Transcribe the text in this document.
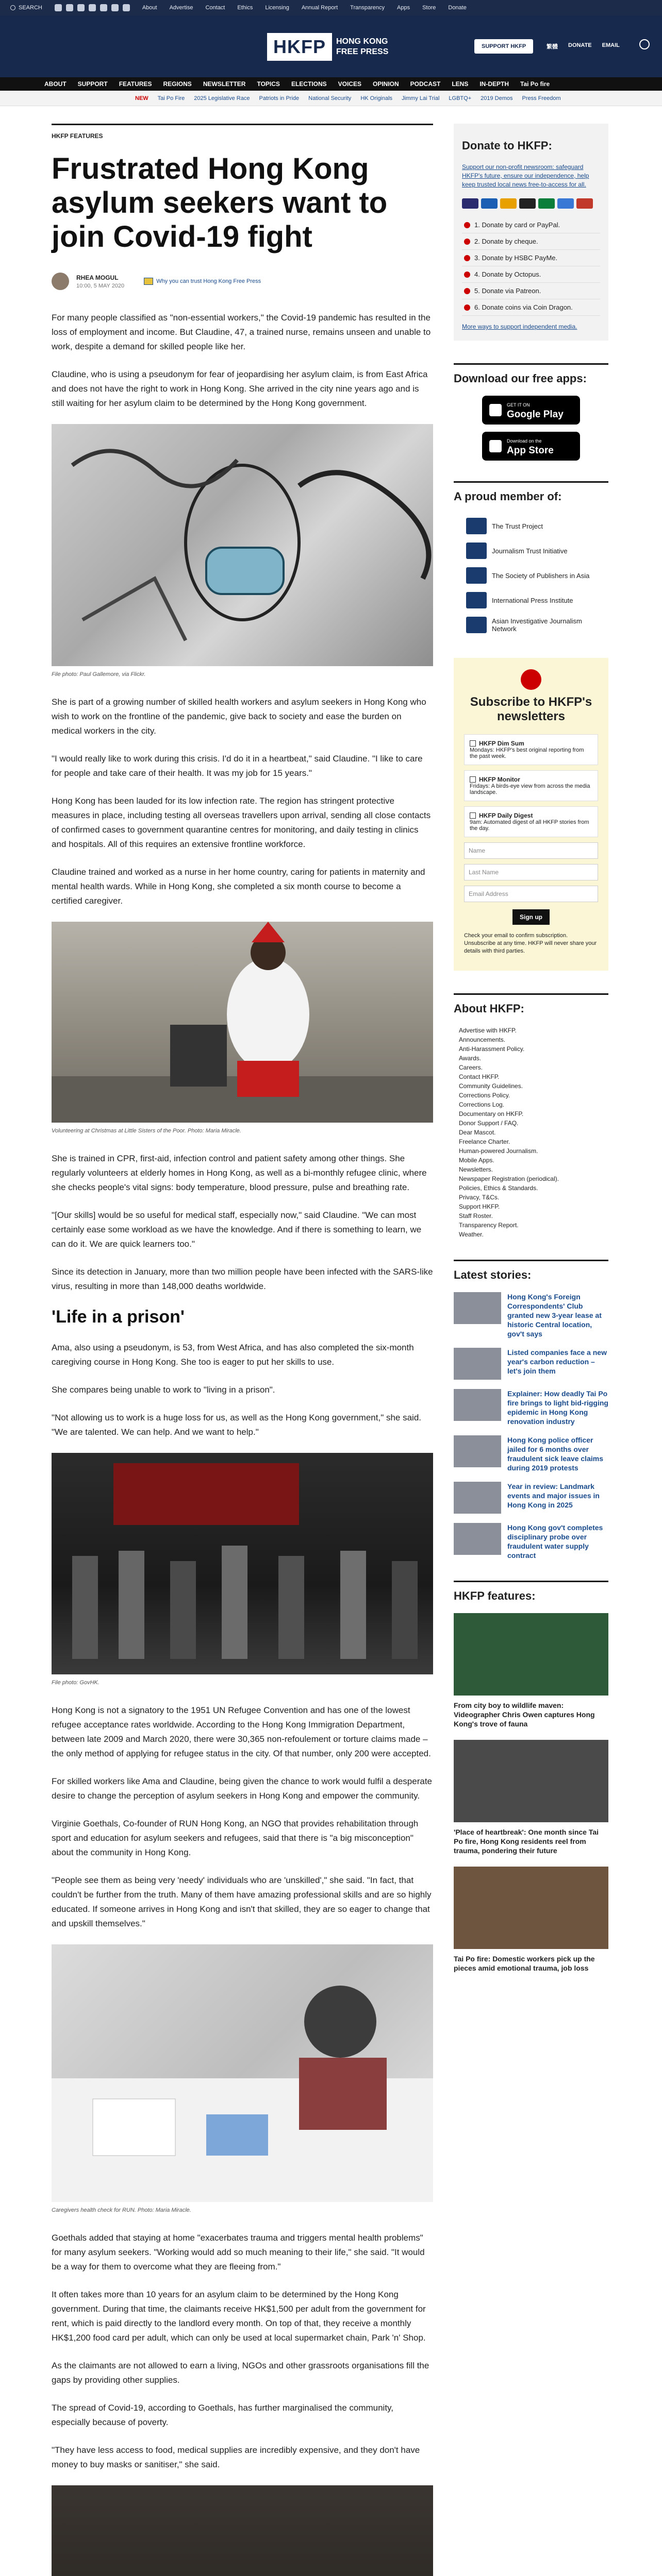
SEARCH	About Advertise Contact Ethics Licensing Annual Report Transparency Apps Store Donate
HKFP	HONG KONG
FREE PRESS
SUPPORT HKFP	繁體 DONATE EMAIL
ABOUT SUPPORT FEATURES REGIONS NEWSLETTER TOPICS ELECTIONS VOICES OPINION PODCAST LENS IN-DEPTH Tai Po fire
NEW Tai Po Fire 2025 Legislative Race Patriots in Pride National Security HK Originals Jimmy Lai Trial LGBTQ+ 2019 Demos Press Freedom
HKFP FEATURES
Frustrated Hong Kong asylum seekers want to join Covid-19 fight
RHEA MOGUL
10:00, 5 MAY 2020
Why you can trust Hong Kong Free Press

For many people classified as "non-essential workers," the Covid-19 pandemic has resulted in the loss of employment and income. But Claudine, 47, a trained nurse, remains unseen and unable to work, despite a demand for skilled people like her.

Claudine, who is using a pseudonym for fear of jeopardising her asylum claim, is from East Africa and does not have the right to work in Hong Kong. She arrived in the city nine years ago and is still waiting for her asylum claim to be determined by the Hong Kong government.

File photo: Paul Gallemore, via Flickr.

She is part of a growing number of skilled health workers and asylum seekers in Hong Kong who wish to work on the frontline of the pandemic, give back to society and ease the burden on medical workers in the city.

"I would really like to work during this crisis. I'd do it in a heartbeat," said Claudine. "I like to care for people and take care of their health. It was my job for 15 years."

Hong Kong has been lauded for its low infection rate. The region has stringent protective measures in place, including testing all overseas travellers upon arrival, sending all close contacts of confirmed cases to government quarantine centres for monitoring, and daily testing in clinics and hospitals. All of this requires an extensive frontline workforce.

Claudine trained and worked as a nurse in her home country, caring for patients in maternity and mental health wards. While in Hong Kong, she completed a six month course to become a certified caregiver.

Volunteering at Christmas at Little Sisters of the Poor. Photo: Maria Miracle.

She is trained in CPR, first-aid, infection control and patient safety among other things. She regularly volunteers at elderly homes in Hong Kong, as well as a bi-monthly refugee clinic, where she checks people's vital signs: body temperature, blood pressure, pulse and breathing rate.

"[Our skills] would be so useful for medical staff, especially now," said Claudine. "We can most certainly ease some workload as we have the knowledge. And if there is something to learn, we can do it. We are quick learners too."

Since its detection in January, more than two million people have been infected with the SARS-like virus, resulting in more than 148,000 deaths worldwide.

'Life in a prison'

Ama, also using a pseudonym, is 53, from West Africa, and has also completed the six-month caregiving course in Hong Kong. She too is eager to put her skills to use.

She compares being unable to work to "living in a prison".

"Not allowing us to work is a huge loss for us, as well as the Hong Kong government," she said. "We are talented. We can help. And we want to help."

File photo: GovHK.

Hong Kong is not a signatory to the 1951 UN Refugee Convention and has one of the lowest refugee acceptance rates worldwide. According to the Hong Kong Immigration Department, between late 2009 and March 2020, there were 30,365 non-refoulement or torture claims made – the only method of applying for refugee status in the city. Of that number, only 200 were accepted.

For skilled workers like Ama and Claudine, being given the chance to work would fulfil a desperate desire to change the perception of asylum seekers in Hong Kong and empower the community.

Virginie Goethals, Co-founder of RUN Hong Kong, an NGO that provides rehabilitation through sport and education for asylum seekers and refugees, said that there is "a big misconception" about the community in Hong Kong.

"People see them as being very 'needy' individuals who are 'unskilled'," she said. "In fact, that couldn't be further from the truth. Many of them have amazing professional skills and are so highly educated. If someone arrives in Hong Kong and isn't that skilled, they are so eager to change that and upskill themselves."

Caregivers health check for RUN. Photo: Maria Miracle.

Goethals added that staying at home "exacerbates trauma and triggers mental health problems" for many asylum seekers. "Working would add so much meaning to their life," she said. "It would be a way for them to overcome what they are fleeing from."

It often takes more than 10 years for an asylum claim to be determined by the Hong Kong government. During that time, the claimants receive HK$1,500 per adult from the government for rent, which is paid directly to the landlord every month. On top of that, they receive a monthly HK$1,200 food card per adult, which can only be used at local supermarket chain, Park 'n' Shop.

As the claimants are not allowed to earn a living, NGOs and other grassroots organisations fill the gaps by providing other supplies.

The spread of Covid-19, according to Goethals, has further marginalised the community, especially because of poverty.

"They have less access to food, medical supplies are incredibly expensive, and they don't have money to buy masks or sanitiser," she said.

Donate to HKFP:
Support our non-profit newsroom: safeguard HKFP's future, ensure our independence, help keep trusted local news free-to-access for all.
1. Donate by card or PayPal.
2. Donate by cheque.
3. Donate by HSBC PayMe.
4. Donate by Octopus.
5. Donate via Patreon.
6. Donate coins via Coin Dragon.
More ways to support independent media.
Download our free apps:
GET IT ON
Google Play
Download on the
App Store
A proud member of:
The Trust Project
Journalism Trust Initiative
The Society of Publishers in Asia
International Press Institute
Asian Investigative Journalism Network
Subscribe to HKFP's newsletters
HKFP Dim Sum
Mondays: HKFP's best original reporting from the past week.
HKFP Monitor
Fridays: A birds-eye view from across the media landscape.
HKFP Daily Digest
9am: Automated digest of all HKFP stories from the day.
Name
Last Name
Email Address
Sign up
Check your email to confirm subscription. Unsubscribe at any time. HKFP will never share your details with third parties.
About HKFP:
Advertise with HKFP.
Announcements.
Anti-Harassment Policy.
Awards.
Careers.
Contact HKFP.
Community Guidelines.
Corrections Policy.
Corrections Log.
Documentary on HKFP.
Donor Support / FAQ.
Dear Mascot.
Freelance Charter.
Human-powered Journalism.
Mobile Apps.
Newsletters.
Newspaper Registration (periodical).
Policies, Ethics & Standards.
Privacy, T&Cs.
Support HKFP.
Staff Roster.
Transparency Report.
Weather.
Latest stories:
Hong Kong's Foreign Correspondents' Club granted new 3-year lease at historic Central location, gov't says
Listed companies face a new year's carbon reduction – let's join them
Explainer: How deadly Tai Po fire brings to light bid-rigging epidemic in Hong Kong renovation industry
Hong Kong police officer jailed for 6 months over fraudulent sick leave claims during 2019 protests
Year in review: Landmark events and major issues in Hong Kong in 2025
Hong Kong gov't completes disciplinary probe over fraudulent water supply contract
HKFP features:
From city boy to wildlife maven: Videographer Chris Owen captures Hong Kong's trove of fauna
'Place of heartbreak': One month since Tai Po fire, Hong Kong residents reel from trauma, pondering their future
Tai Po fire: Domestic workers pick up the pieces amid emotional trauma, job loss
